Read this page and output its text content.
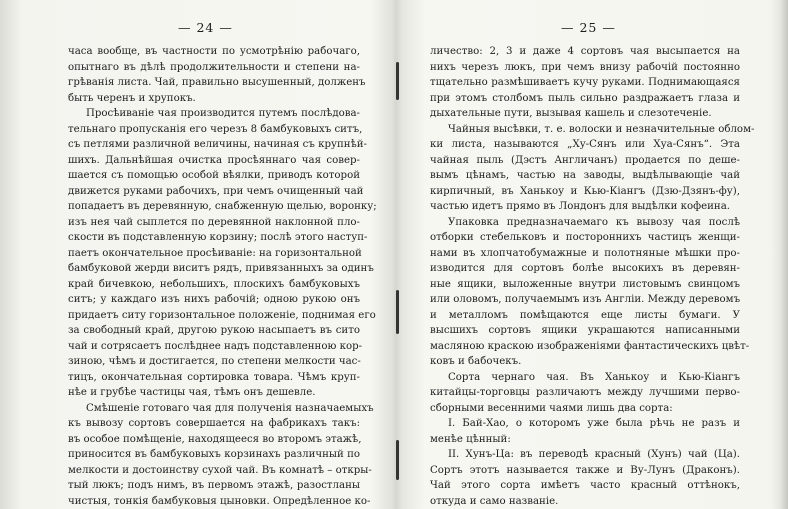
— 24 —
часа вообще, въ частности по усмотрѣнію рабочаго,
опытнаго въ дѣлѣ продолжительности и степени на-
грѣванія листа. Чай, правильно высушенный, долженъ
быть черенъ и хрупокъ.
Просѣиваніе чая производится путемъ послѣдова-
тельнаго пропусканія его черезъ 8 бамбуковыхъ ситъ,
съ петлями различной величины, начиная съ крупнѣй-
шихъ. Дальнѣйшая очистка просѣяннаго чая совер-
шается съ помощью особой вѣялки, приводъ которой
движется руками рабочихъ, при чемъ очищенный чай
попадаетъ въ деревянную, снабженную щелью, воронку;
изъ нея чай сыплется по деревянной наклонной пло-
скости въ подставленную корзину; послѣ этого наступ-
паетъ окончательное просѣиваніе: на горизонтальной
бамбуковой жерди виситъ рядъ, привязанныхъ за одинъ
край бичевкою, небольшихъ, плоскихъ бамбуковыхъ
ситъ; у каждаго изъ нихъ рабочій; одною рукою онъ
придаетъ ситу горизонтальное положеніе, поднимая его
за свободный край, другою рукою насыпаетъ въ сито
чай и сотрясаетъ послѣднее надъ подставленною кор-
зиною, чѣмъ и достигается, по степени мелкости час-
тицъ, окончательная сортировка товара. Чѣмъ круп-
нѣе и грубѣе частицы чая, тѣмъ онъ дешевле.
Смѣшеніе готоваго чая для полученія назначаемыхъ
къ вывозу сортовъ совершается на фабрикахъ такъ:
въ особое помѣщеніе, находящееся во второмъ этажѣ,
приносится въ бамбуковыхъ корзинахъ различный по
мелкости и достоинству сухой чай. Въ комнатѣ – откры-
тый люкъ; подъ нимъ, въ первомъ этажѣ, разостланы
чистыя, тонкія бамбуковыя цыновки. Опредѣленное ко-
— 25 —
личество: 2, 3 и даже 4 сортовъ чая высыпается на
нихъ черезъ люкъ, при чемъ внизу рабочій постоянно
тщательно размѣшиваетъ кучу руками. Поднимающаяся
при этомъ столбомъ пыль сильно раздражаетъ глаза и
дыхательные пути, вызывая кашель и слезотеченіе.
Чайныя высѣвки, т. е. волоски и незначительные облом-
ки листа, называются „Ху-Сянъ или Хуа-Сянъ“. Эта
чайная пыль (Дэстъ Англичанъ) продается по деше-
вымъ цѣнамъ, частью на заводы, выдѣлывающіе чай
кирпичный, въ Ханькоу и Кью-Кіангъ (Дзю-Дзянъ-фу),
частью идетъ прямо въ Лондонъ для выдѣлки кофеина.
Упаковка предназначаемаго къ вывозу чая послѣ
отборки стебельковъ и постороннихъ частицъ женщи-
нами въ хлопчатобумажные и полотняные мѣшки про-
изводится для сортовъ болѣе высокихъ въ деревян-
ные ящики, выложенные внутри листовымъ свинцомъ
или оловомъ, получаемымъ изъ Англіи. Между деревомъ
и металломъ помѣщаются еще листы бумаги. У
высшихъ сортовъ ящики украшаются написанными
масляною краскою изображеніями фантастическихъ цвѣт-
ковъ и бабочекъ.
Сорта чернаго чая. Въ Ханькоу и Кью-Кіангъ
китайцы-торговцы различаютъ между лучшими перво-
сборными весенними чаями лишь два сорта:
I. Бай-Хао, о которомъ уже была рѣчь не разъ и
менѣе цѣнный:
II. Хунъ-Ца: въ переводѣ красный (Хунъ) чай (Ца).
Сортъ этотъ называется также и Ву-Лунъ (Драконъ).
Чай этого сорта имѣетъ часто красный оттѣнокъ,
откуда и само названіе.
